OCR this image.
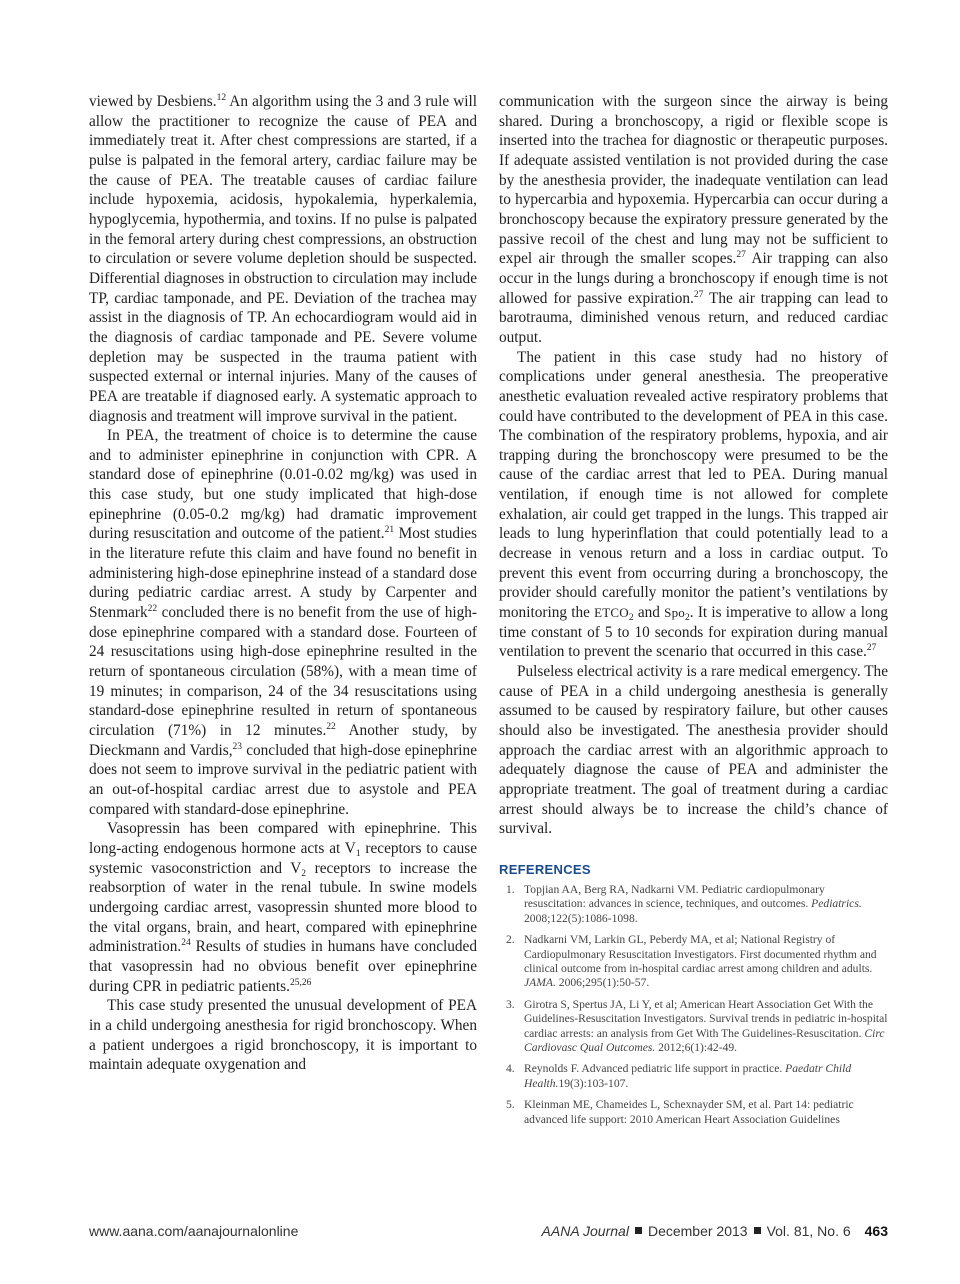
viewed by Desbiens.$^{12}$ An algorithm using the 3 and 3 rule will allow the practitioner to recognize the cause of PEA and immediately treat it. After chest compressions are started, if a pulse is palpated in the femoral artery, cardiac failure may be the cause of PEA. The treatable causes of cardiac failure include hypoxemia, acidosis, hypokalemia, hyperkalemia, hypoglycemia, hypothermia, and toxins. If no pulse is palpated in the femoral artery during chest compressions, an obstruction to circulation or severe volume depletion should be suspected. Differential diagnoses in obstruction to circulation may include TP, cardiac tamponade, and PE. Deviation of the trachea may assist in the diagnosis of TP. An echocardiogram would aid in the diagnosis of cardiac tamponade and PE. Severe volume depletion may be suspected in the trauma patient with suspected external or internal injuries. Many of the causes of PEA are treatable if diagnosed early. A systematic approach to diagnosis and treatment will improve survival in the patient.

In PEA, the treatment of choice is to determine the cause and to administer epinephrine in conjunction with CPR. A standard dose of epinephrine (0.01-0.02 mg/kg) was used in this case study, but one study implicated that high-dose epinephrine (0.05-0.2 mg/kg) had dramatic improvement during resuscitation and outcome of the patient.$^{21}$ Most studies in the literature refute this claim and have found no benefit in administering high-dose epinephrine instead of a standard dose during pediatric cardiac arrest. A study by Carpenter and Stenmark$^{22}$ concluded there is no benefit from the use of high-dose epinephrine compared with a standard dose. Fourteen of 24 resuscitations using high-dose epinephrine resulted in the return of spontaneous circulation (58%), with a mean time of 19 minutes; in comparison, 24 of the 34 resuscitations using standard-dose epinephrine resulted in return of spontaneous circulation (71%) in 12 minutes.$^{22}$ Another study, by Dieckmann and Vardis,$^{23}$ concluded that high-dose epinephrine does not seem to improve survival in the pediatric patient with an out-of-hospital cardiac arrest due to asystole and PEA compared with standard-dose epinephrine.

Vasopressin has been compared with epinephrine. This long-acting endogenous hormone acts at $V_1$ receptors to cause systemic vasoconstriction and $V_2$ receptors to increase the reabsorption of water in the renal tubule. In swine models undergoing cardiac arrest, vasopressin shunted more blood to the vital organs, brain, and heart, compared with epinephrine administration.$^{24}$ Results of studies in humans have concluded that vasopressin had no obvious benefit over epinephrine during CPR in pediatric patients.$^{25,26}$

This case study presented the unusual development of PEA in a child undergoing anesthesia for rigid bronchoscopy. When a patient undergoes a rigid bronchoscopy, it is important to maintain adequate oxygenation and

communication with the surgeon since the airway is being shared. During a bronchoscopy, a rigid or flexible scope is inserted into the trachea for diagnostic or therapeutic purposes. If adequate assisted ventilation is not provided during the case by the anesthesia provider, the inadequate ventilation can lead to hypercarbia and hypoxemia. Hypercarbia can occur during a bronchoscopy because the expiratory pressure generated by the passive recoil of the chest and lung may not be sufficient to expel air through the smaller scopes.$^{27}$ Air trapping can also occur in the lungs during a bronchoscopy if enough time is not allowed for passive expiration.$^{27}$ The air trapping can lead to barotrauma, diminished venous return, and reduced cardiac output.

The patient in this case study had no history of complications under general anesthesia. The preoperative anesthetic evaluation revealed active respiratory problems that could have contributed to the development of PEA in this case. The combination of the respiratory problems, hypoxia, and air trapping during the bronchoscopy were presumed to be the cause of the cardiac arrest that led to PEA. During manual ventilation, if enough time is not allowed for complete exhalation, air could get trapped in the lungs. This trapped air leads to lung hyperinflation that could potentially lead to a decrease in venous return and a loss in cardiac output. To prevent this event from occurring during a bronchoscopy, the provider should carefully monitor the patient’s ventilations by monitoring the $ETCO_2$ and Spo$_2$. It is imperative to allow a long time constant of 5 to 10 seconds for expiration during manual ventilation to prevent the scenario that occurred in this case.$^{27}$

Pulseless electrical activity is a rare medical emergency. The cause of PEA in a child undergoing anesthesia is generally assumed to be caused by respiratory failure, but other causes should also be investigated. The anesthesia provider should approach the cardiac arrest with an algorithmic approach to adequately diagnose the cause of PEA and administer the appropriate treatment. The goal of treatment during a cardiac arrest should always be to increase the child’s chance of survival.

REFERENCES
1. Topjian AA, Berg RA, Nadkarni VM. Pediatric cardiopulmonary resuscitation: advances in science, techniques, and outcomes. Pediatrics. 2008;122(5):1086-1098.
2. Nadkarni VM, Larkin GL, Peberdy MA, et al; National Registry of Cardiopulmonary Resuscitation Investigators. First documented rhythm and clinical outcome from in-hospital cardiac arrest among children and adults. JAMA. 2006;295(1):50-57.
3. Girotra S, Spertus JA, Li Y, et al; American Heart Association Get With the Guidelines-Resuscitation Investigators. Survival trends in pediatric in-hospital cardiac arrests: an analysis from Get With The Guidelines-Resuscitation. Circ Cardiovasc Qual Outcomes. 2012;6(1):42-49.
4. Reynolds F. Advanced pediatric life support in practice. Paedatr Child Health.19(3):103-107.
5. Kleinman ME, Chameides L, Schexnayder SM, et al. Part 14: pediatric advanced life support: 2010 American Heart Association Guidelines
www.aana.com/aanajournalonline	AANA Journal December 2013 Vol. 81, No. 6 463
